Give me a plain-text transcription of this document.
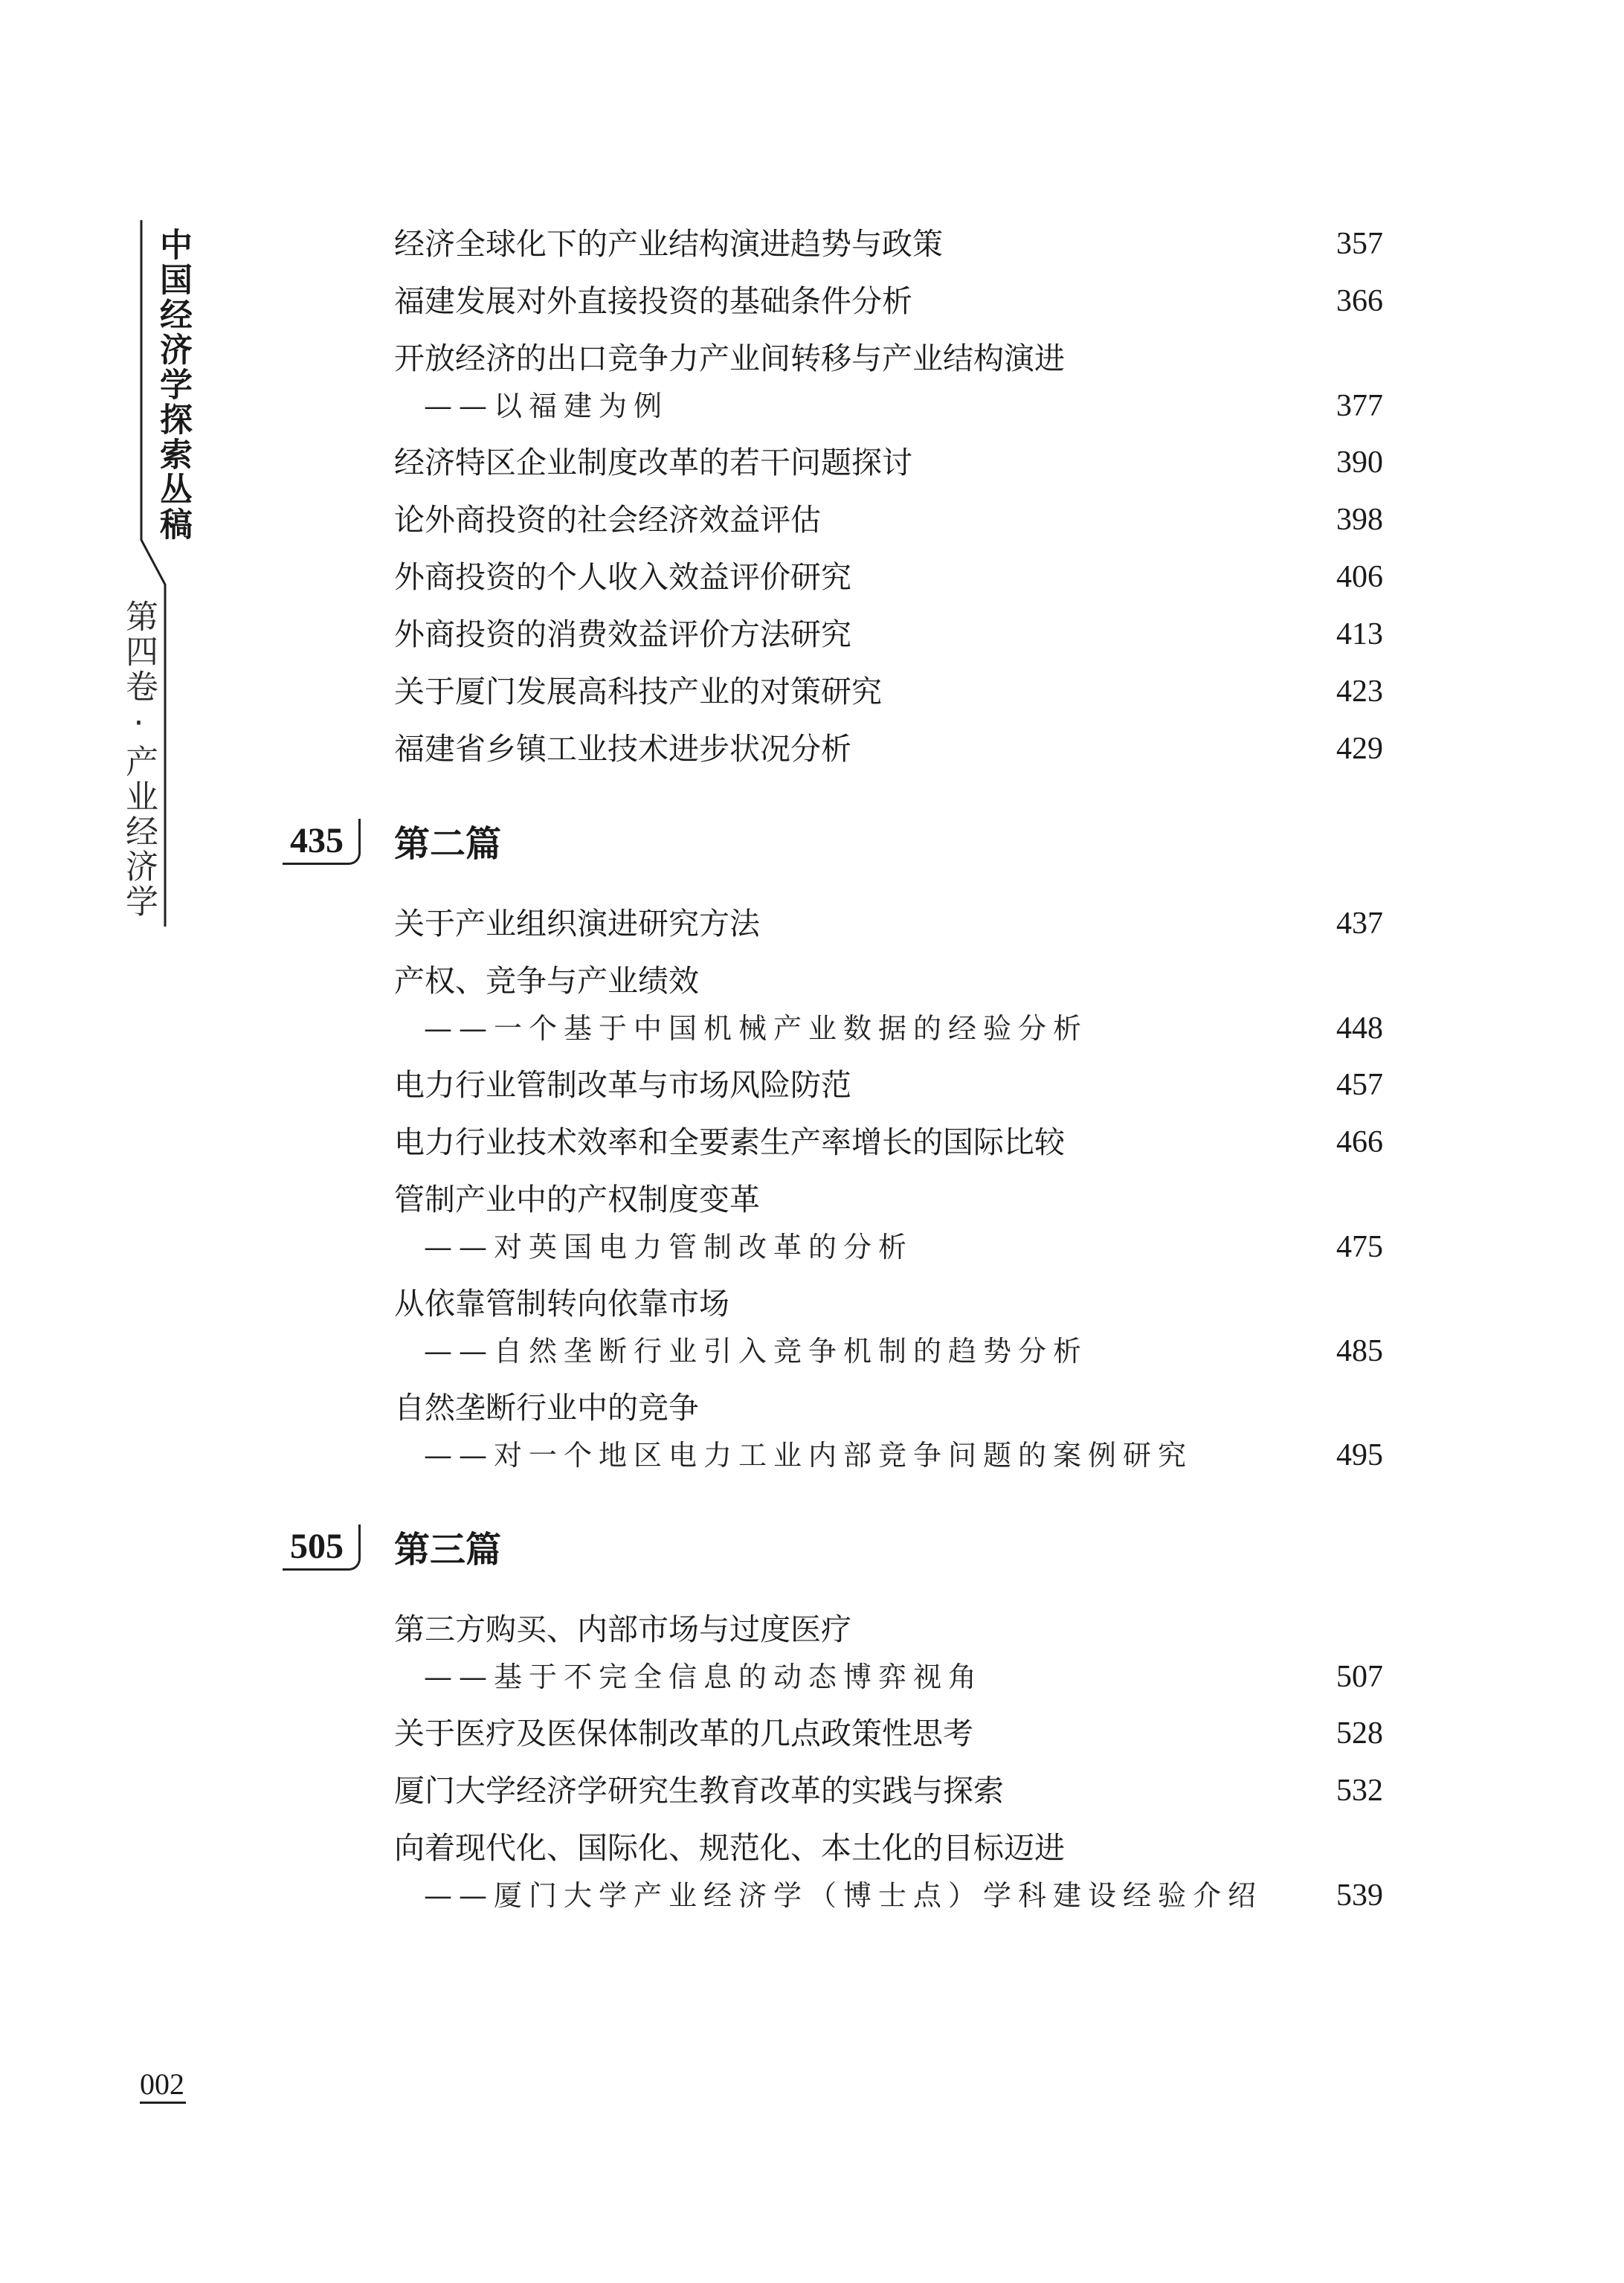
中国经济学探索丛稿
第四卷·产业经济学
经济全球化下的产业结构演进趋势与政策	357
福建发展对外直接投资的基础条件分析	366
开放经济的出口竞争力产业间转移与产业结构演进
——以福建为例	377
经济特区企业制度改革的若干问题探讨	390
论外商投资的社会经济效益评估	398
外商投资的个人收入效益评价研究	406
外商投资的消费效益评价方法研究	413
关于厦门发展高科技产业的对策研究	423
福建省乡镇工业技术进步状况分析	429
435	第二篇
关于产业组织演进研究方法	437
产权、竞争与产业绩效
——一个基于中国机械产业数据的经验分析	448
电力行业管制改革与市场风险防范	457
电力行业技术效率和全要素生产率增长的国际比较	466
管制产业中的产权制度变革
——对英国电力管制改革的分析	475
从依靠管制转向依靠市场
——自然垄断行业引入竞争机制的趋势分析	485
自然垄断行业中的竞争
——对一个地区电力工业内部竞争问题的案例研究	495
505	第三篇
第三方购买、内部市场与过度医疗
——基于不完全信息的动态博弈视角	507
关于医疗及医保体制改革的几点政策性思考	528
厦门大学经济学研究生教育改革的实践与探索	532
向着现代化、国际化、规范化、本土化的目标迈进
——厦门大学产业经济学（博士点）学科建设经验介绍 539
002
